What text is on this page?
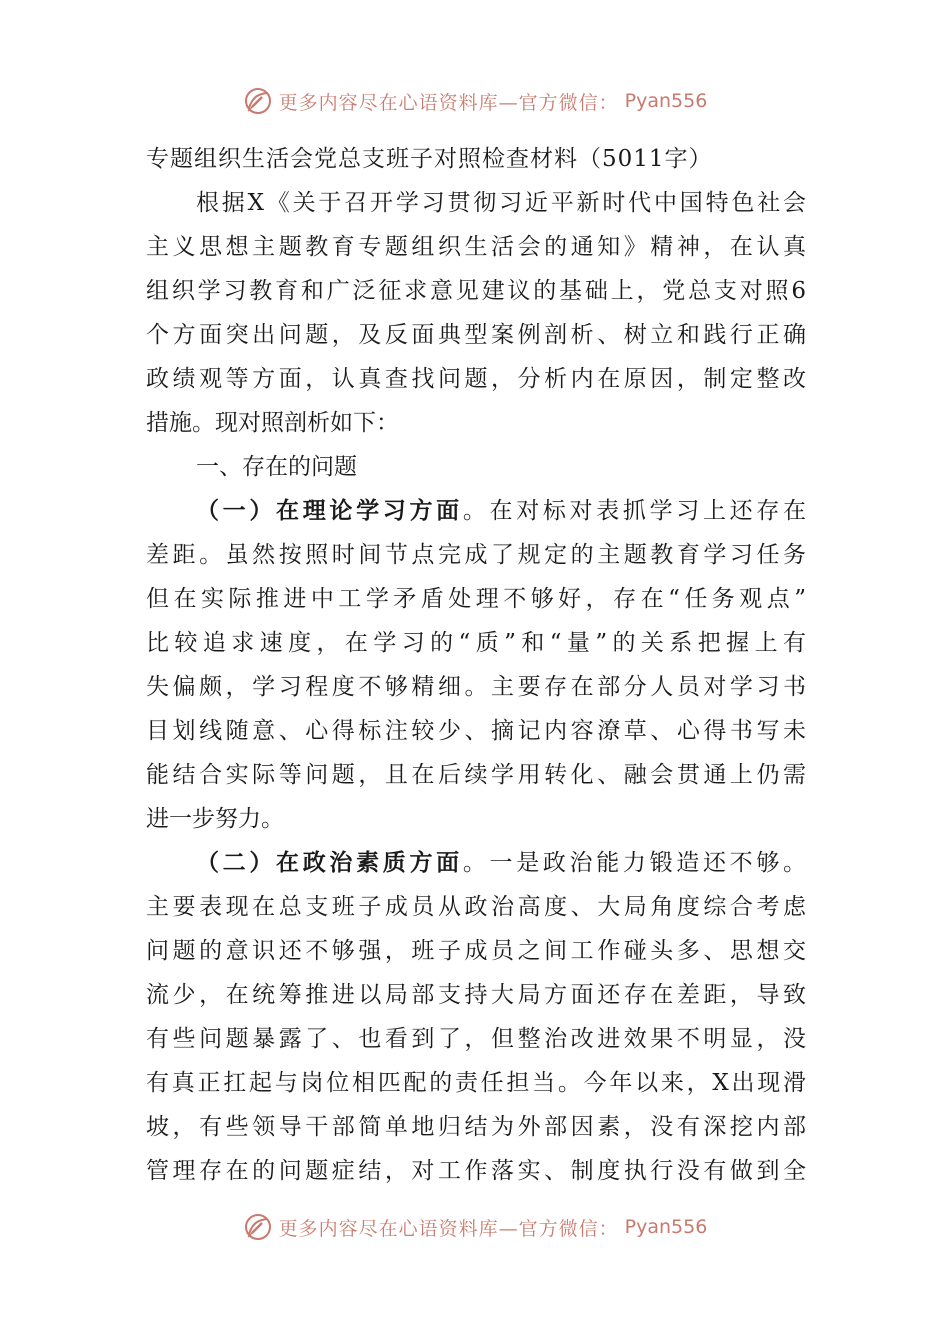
更多内容尽在心语资料库—官方微信： Pyan556
专题组织生活会党总支班子对照检查材料（5011字）
根据X《关于召开学习贯彻习近平新时代中国特色社会
主义思想主题教育专题组织生活会的通知》精神，在认真
组织学习教育和广泛征求意见建议的基础上，党总支对照6
个方面突出问题，及反面典型案例剖析、树立和践行正确
政绩观等方面，认真查找问题，分析内在原因，制定整改
措施。现对照剖析如下：
一、存在的问题
（一）在理论学习方面。在对标对表抓学习上还存在
差距。虽然按照时间节点完成了规定的主题教育学习任务
但在实际推进中工学矛盾处理不够好，存在“任务观点”
比较追求速度，在学习的“质”和“量”的关系把握上有
失偏颇，学习程度不够精细。主要存在部分人员对学习书
目划线随意、心得标注较少、摘记内容潦草、心得书写未
能结合实际等问题，且在后续学用转化、融会贯通上仍需
进一步努力。
（二）在政治素质方面。一是政治能力锻造还不够。
主要表现在总支班子成员从政治高度、大局角度综合考虑
问题的意识还不够强，班子成员之间工作碰头多、思想交
流少，在统筹推进以局部支持大局方面还存在差距，导致
有些问题暴露了、也看到了，但整治改进效果不明显，没
有真正扛起与岗位相匹配的责任担当。今年以来，X出现滑
坡，有些领导干部简单地归结为外部因素，没有深挖内部
管理存在的问题症结，对工作落实、制度执行没有做到全
更多内容尽在心语资料库—官方微信： Pyan556
